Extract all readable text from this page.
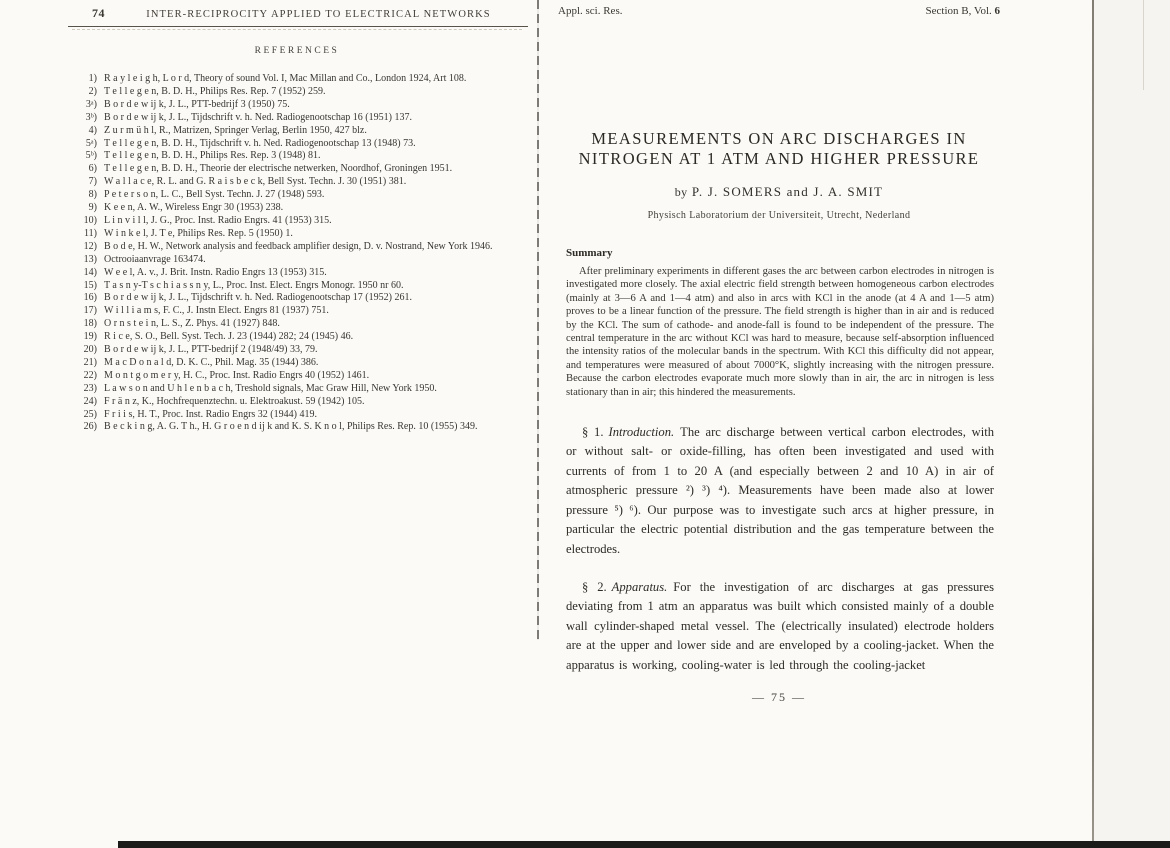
74	INTER-RECIPROCITY APPLIED TO ELECTRICAL NETWORKS
REFERENCES
1) R a y l e i g h, L o r d, Theory of sound Vol. I, Mac Millan and Co., London 1924, Art 108.
2) T e l l e g e n, B. D. H., Philips Res. Rep. 7 (1952) 259.
3ᵃ) B o r d e w ij k, J. L., PTT-bedrijf 3 (1950) 75.
3ᵇ) B o r d e w ij k, J. L., Tijdschrift v. h. Ned. Radiogenootschap 16 (1951) 137.
4) Z u r m ü h l, R., Matrizen, Springer Verlag, Berlin 1950, 427 blz.
5ᵃ) T e l l e g e n, B. D. H., Tijdschrift v. h. Ned. Radiogenootschap 13 (1948) 73.
5ᵇ) T e l l e g e n, B. D. H., Philips Res. Rep. 3 (1948) 81.
6) T e l l e g e n, B. D. H., Theorie der electrische netwerken, Noordhof, Groningen 1951.
7) W a l l a c e, R. L. and G. R a i s b e c k, Bell Syst. Techn. J. 30 (1951) 381.
8) P e t e r s o n, L. C., Bell Syst. Techn. J. 27 (1948) 593.
9) K e e n, A. W., Wireless Engr 30 (1953) 238.
10) L i n v i l l, J. G., Proc. Inst. Radio Engrs. 41 (1953) 315.
11) W i n k e l, J. T e, Philips Res. Rep. 5 (1950) 1.
12) B o d e, H. W., Network analysis and feedback amplifier design, D. v. Nostrand, New York 1946.
13) Octrooiaanvrage 163474.
14) W e e l, A. v., J. Brit. Instn. Radio Engrs 13 (1953) 315.
15) T a s n y-T s c h i a s s n y, L., Proc. Inst. Elect. Engrs Monogr. 1950 nr 60.
16) B o r d e w ij k, J. L., Tijdschrift v. h. Ned. Radiogenootschap 17 (1952) 261.
17) W i l l i a m s, F. C., J. Instn Elect. Engrs 81 (1937) 751.
18) O r n s t e i n, L. S., Z. Phys. 41 (1927) 848.
19) R i c e, S. O., Bell. Syst. Tech. J. 23 (1944) 282; 24 (1945) 46.
20) B o r d e w ij k, J. L., PTT-bedrijf 2 (1948/49) 33, 79.
21) M a c D o n a l d, D. K. C., Phil. Mag. 35 (1944) 386.
22) M o n t g o m e r y, H. C., Proc. Inst. Radio Engrs 40 (1952) 1461.
23) L a w s o n and U h l e n b a c h, Treshold signals, Mac Graw Hill, New York 1950.
24) F r ä n z, K., Hochfrequenztechn. u. Elektroakust. 59 (1942) 105.
25) F r i i s, H. T., Proc. Inst. Radio Engrs 32 (1944) 419.
26) B e c k i n g, A. G. T h., H. G r o e n d ij k and K. S. K n o l, Philips Res. Rep. 10 (1955) 349.
Appl. sci. Res.	Section B, Vol. 6
MEASUREMENTS ON ARC DISCHARGES IN
NITROGEN AT 1 ATM AND HIGHER PRESSURE
by P. J. SOMERS and J. A. SMIT
Physisch Laboratorium der Universiteit, Utrecht, Nederland
Summary

After preliminary experiments in different gases the arc between carbon electrodes in nitrogen is investigated more closely. The axial electric field strength between homogeneous carbon electrodes (mainly at 3—6 A and 1—4 atm) and also in arcs with KCl in the anode (at 4 A and 1—5 atm) proves to be a linear function of the pressure. The field strength is higher than in air and is reduced by the KCl. The sum of cathode- and anode-fall is found to be independent of the pressure. The central temperature in the arc without KCl was hard to measure, because self-absorption influenced the intensity ratios of the molecular bands in the spectrum. With KCl this difficulty did not appear, and temperatures were measured of about 7000°K, slightly increasing with the nitrogen pressure. Because the carbon electrodes evaporate much more slowly than in air, the arc in nitrogen is less stationary than in air; this hindered the measurements.

§ 1. Introduction. The arc discharge between vertical carbon electrodes, with or without salt- or oxide-filling, has often been investigated and used with currents of from 1 to 20 A (and especially between 2 and 10 A) in air of atmospheric pressure ²) ³) ⁴). Measurements have been made also at lower pressure ⁵) ⁶). Our purpose was to investigate such arcs at higher pressure, in particular the electric potential distribution and the gas temperature between the electrodes.

§ 2. Apparatus. For the investigation of arc discharges at gas pressures deviating from 1 atm an apparatus was built which consisted mainly of a double wall cylinder-shaped metal vessel. The (electrically insulated) electrode holders are at the upper and lower side and are enveloped by a cooling-jacket. When the apparatus is working, cooling-water is led through the cooling-jacket

— 75 —
